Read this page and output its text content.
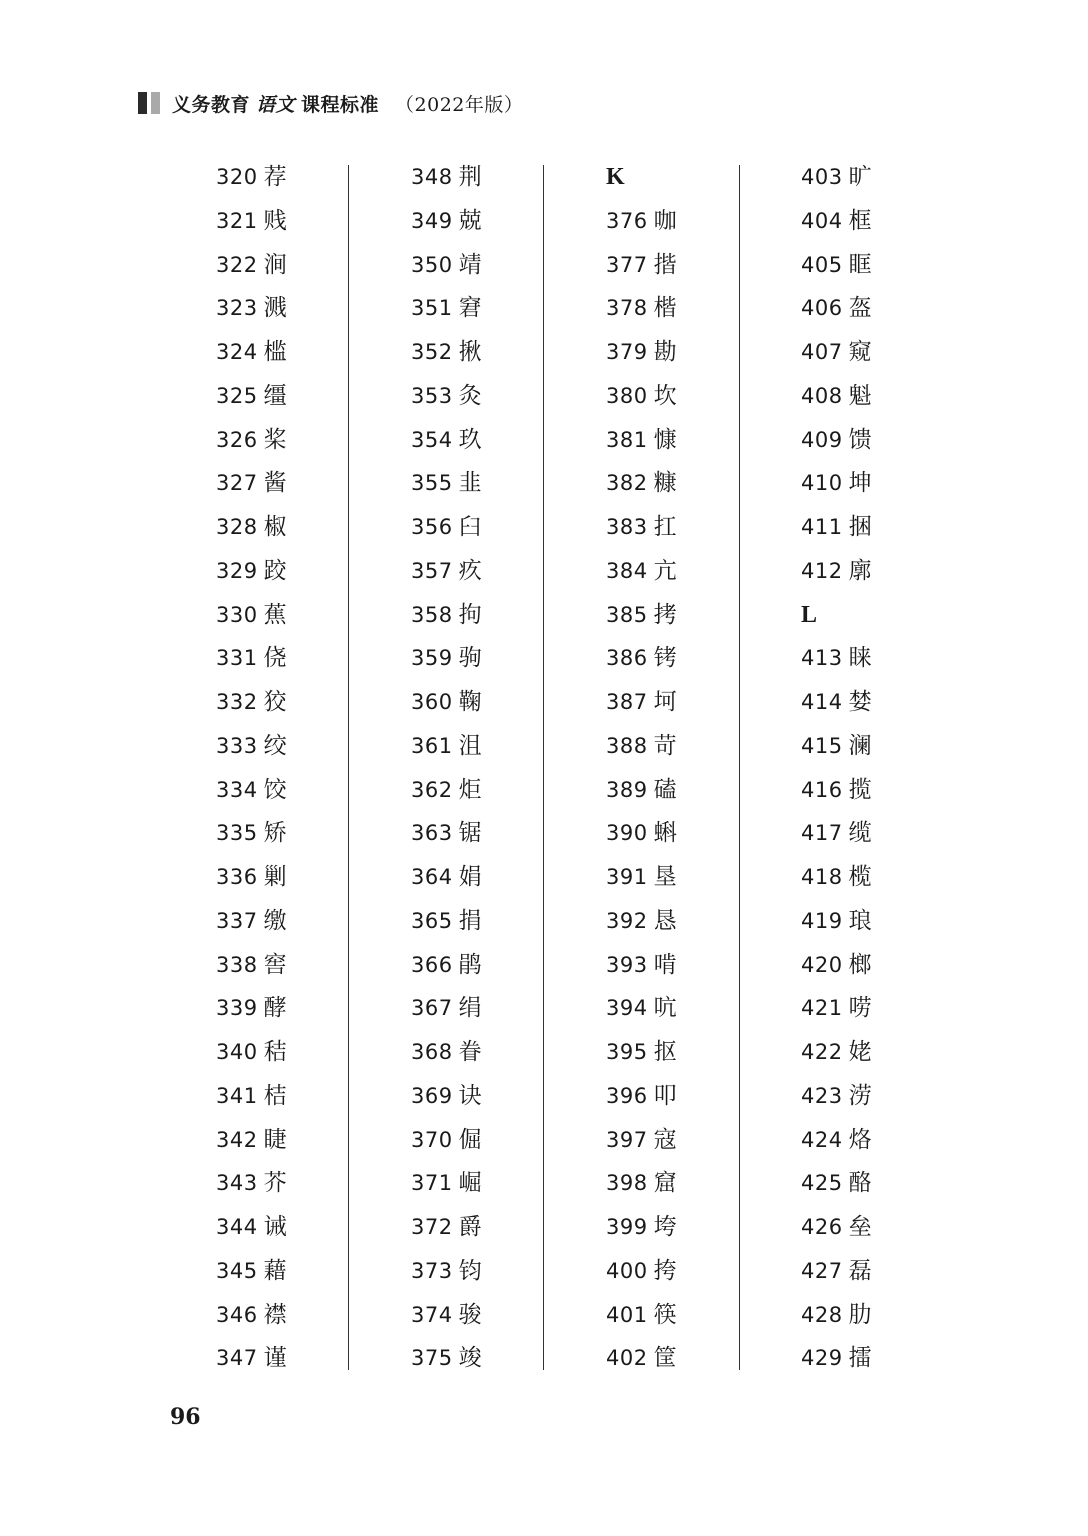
义务教育 语文 课程标准 （2022年版）
320 荐
321 贱
322 涧
323 溅
324 槛
325 缰
326 桨
327 酱
328 椒
329 跤
330 蕉
331 侥
332 狡
333 绞
334 饺
335 矫
336 剿
337 缴
338 窖
339 酵
340 秸
341 桔
342 睫
343 芥
344 诫
345 藉
346 襟
347 谨
348 荆
349 兢
350 靖
351 窘
352 揪
353 灸
354 玖
355 韭
356 臼
357 疚
358 拘
359 驹
360 鞠
361 沮
362 炬
363 锯
364 娟
365 捐
366 鹃
367 绢
368 眷
369 诀
370 倔
371 崛
372 爵
373 钧
374 骏
375 竣
K
376 咖
377 揩
378 楷
379 勘
380 坎
381 慷
382 糠
383 扛
384 亢
385 拷
386 铐
387 坷
388 苛
389 磕
390 蝌
391 垦
392 恳
393 啃
394 吭
395 抠
396 叩
397 寇
398 窟
399 垮
400 挎
401 筷
402 筐
403 旷
404 框
405 眶
406 盔
407 窥
408 魁
409 馈
410 坤
411 捆
412 廓
L
413 睐
414 婪
415 澜
416 揽
417 缆
418 榄
419 琅
420 榔
421 唠
422 姥
423 涝
424 烙
425 酪
426 垒
427 磊
428 肋
429 擂
96
